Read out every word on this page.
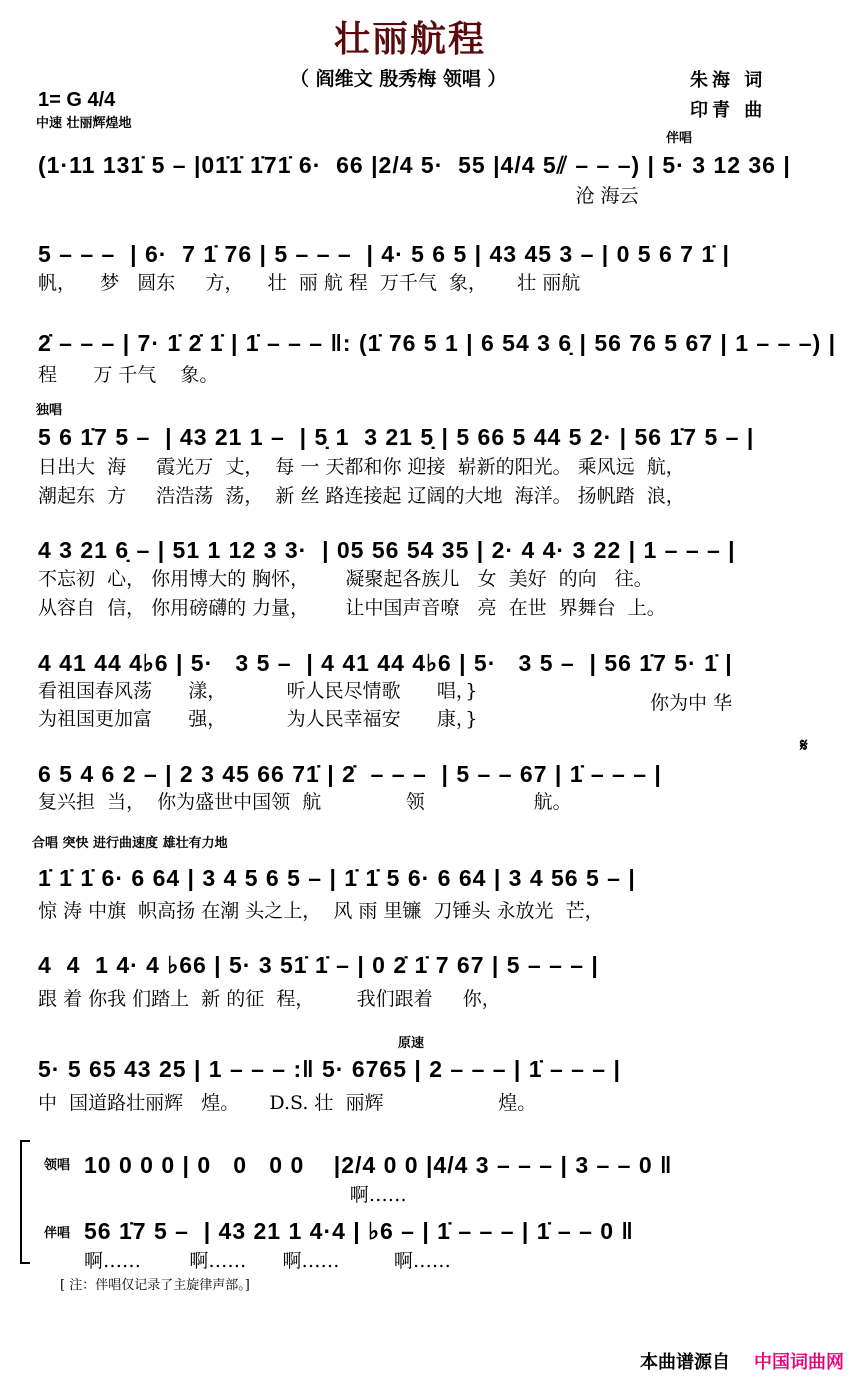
壮丽航程
（ 阎维文 殷秀梅 领唱 ）	朱海 词
印青 曲
1= G 4/4
中速 壮丽辉煌地
伴唱
独唱
合唱 突快 进行曲速度 雄壮有力地
原速
𝄋
领唱
伴唱
(1·11 131̇ 5 – |01̇1̇ 1̇71̇ 6·  66 |2/4 5·  55 |4/4 5⫽ – – –) | 5· 3 12 36 |
沧 海云
5 – – –  | 6·  7 1̇ 76 | 5 – – –  | 4· 5 6 5 | 43 45 3 – | 0 5 6 7 1̇ |
帆，    梦   圆东     方，    壮  丽 航 程  万千气  象，     壮 丽航
2̇ – – – | 7· 1̇ 2̇ 1̇ | 1̇ – – – ‖: (1̇ 76 5 1 | 6 54 3 6̣ | 56 76 5 67 | 1 – – –) |
程      万 千气    象。
5 6 1̇7 5 –  | 43 21 1 –  | 5̣ 1  3 21 5̣ | 5 66 5 44 5 2· | 56 1̇7 5 – |
日出大  海     霞光万  丈，  每 一 天都和你 迎接  崭新的阳光。 乘风远  航，
潮起东  方     浩浩荡  荡，  新 丝 路连接起 辽阔的大地  海洋。 扬帆踏  浪，
4 3 21 6̣ – | 51 1 12 3 3·  | 05 56 54 35 | 2· 4 4· 3 22 | 1 – – – |
不忘初  心， 你用博大的 胸怀，      凝聚起各族儿   女  美好  的向   往。
从容自  信， 你用磅礴的 力量，      让中国声音嘹   亮  在世  界舞台  上。
4 41 44 4♭6 | 5·   3 5 –  | 4 41 44 4♭6 | 5·   3 5 –  | 56 1̇7 5· 1̇ |
看祖国春风荡      漾，          听人民尽情歌      唱，}
为祖国更加富      强，          为人民幸福安      康，}
你为中 华
6 5 4 6 2 – | 2 3 45 66 71̇ | 2̇  – – –  | 5 – – 67 | 1̇ – – – |
复兴担  当，  你为盛世中国领  航              领                  航。
1̇ 1̇ 1̇ 6· 6 64 | 3 4 5 6 5 – | 1̇ 1̇ 5 6· 6 64 | 3 4 56 5 – |
惊 涛 中旗  帜高扬 在潮 头之上，  风 雨 里镰  刀锤头 永放光  芒，
4  4  1 4· 4 ♭66 | 5· 3 51̇ 1̇ – | 0 2̇ 1̇ 7 67 | 5 – – – |
跟 着 你我 们踏上  新 的征  程，       我们跟着     你，
5· 5 65 43 25 | 1 – – – :‖ 5· 6765 | 2 – – – | 1̇ – – – |
中  国道路壮丽辉   煌。     D.S. 壮  丽辉                   煌。
10 0 0 0 | 0   0   0 0    |2/4 0 0 |4/4 3 – – – | 3 – – 0 ‖
啊……
56 1̇7 5 –  | 43 21 1 4·4 | ♭6 – | 1̇ – – – | 1̇ – – 0 ‖
啊……        啊……      啊……         啊……
[ 注：伴唱仅记录了主旋律声部。]
本曲谱源自 中国词曲网
